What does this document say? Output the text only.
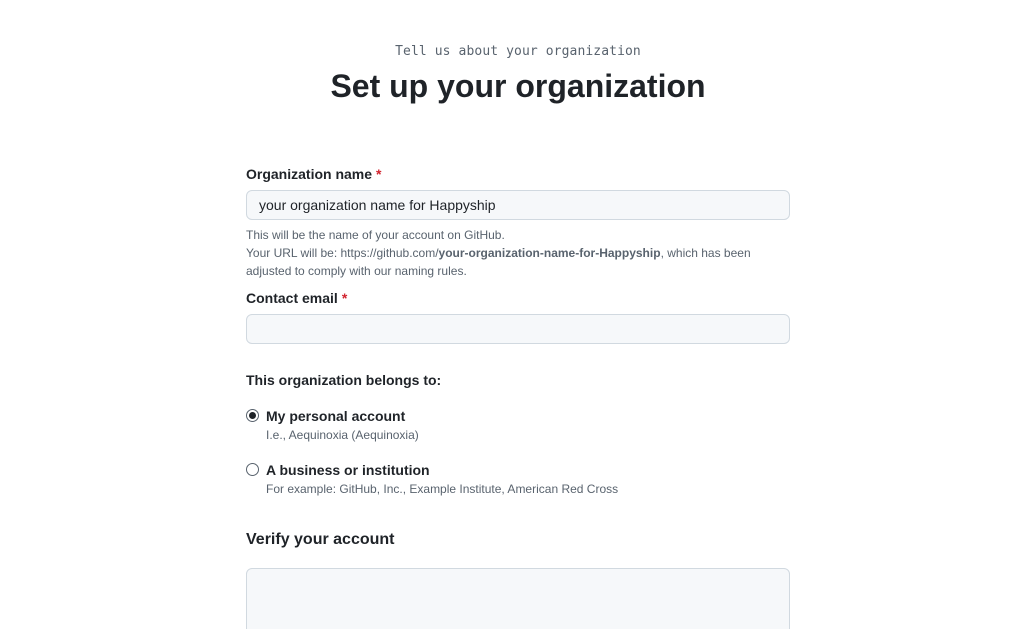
Tell us about your organization
Set up your organization
Organization name *
your organization name for Happyship
This will be the name of your account on GitHub.
Your URL will be: https://github.com/your-organization-name-for-Happyship, which has been adjusted to comply with our naming rules.
Contact email *
This organization belongs to:
My personal account
I.e., Aequinoxia (Aequinoxia)
A business or institution
For example: GitHub, Inc., Example Institute, American Red Cross
Verify your account
